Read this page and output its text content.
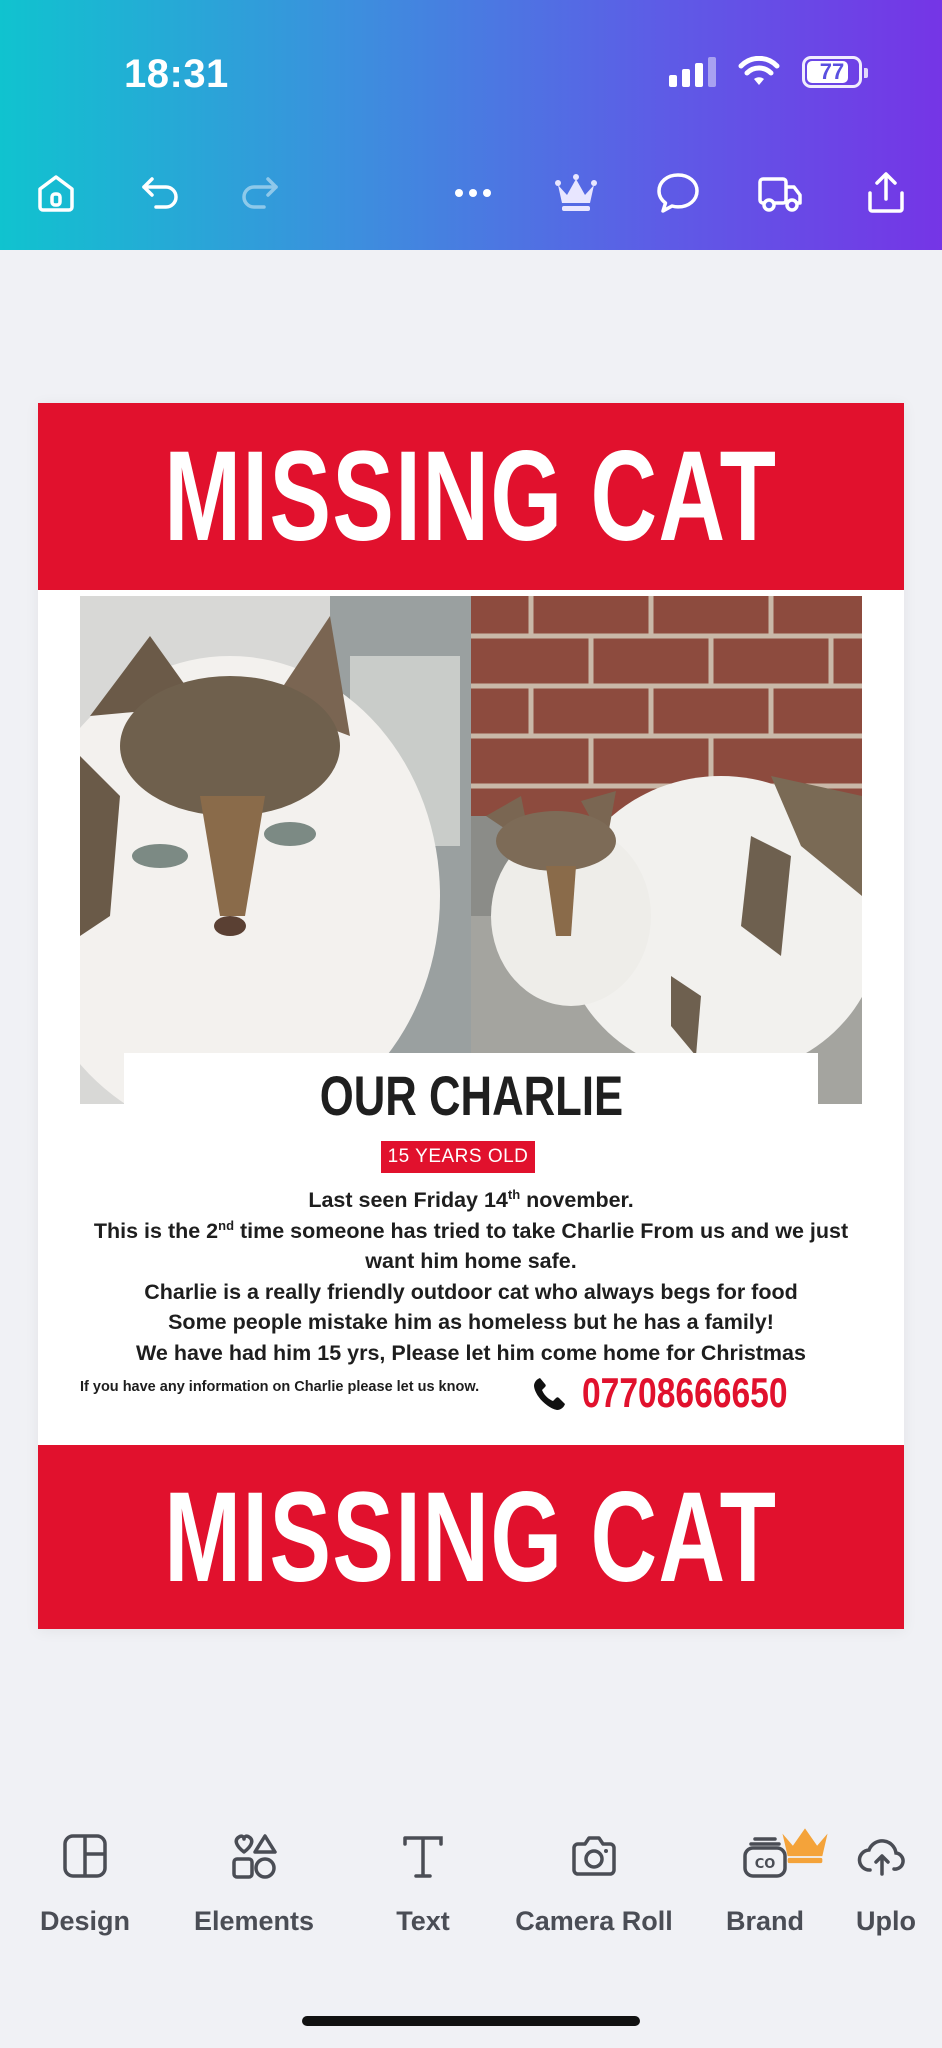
18:31	77
MISSING CAT
OUR CHARLIE
15 YEARS OLD
Last seen Friday 14th november.
This is the 2nd time someone has tried to take Charlie From us and we just want him home safe.
Charlie is a really friendly outdoor cat who always begs for food
Some people mistake him as homeless but he has a family!
We have had him 15 yrs, Please let him come home for Christmas
If you have any information on Charlie please let us know.	07708666650
MISSING CAT
Design Elements	Text Camera Roll
CO
Brand Uplo
